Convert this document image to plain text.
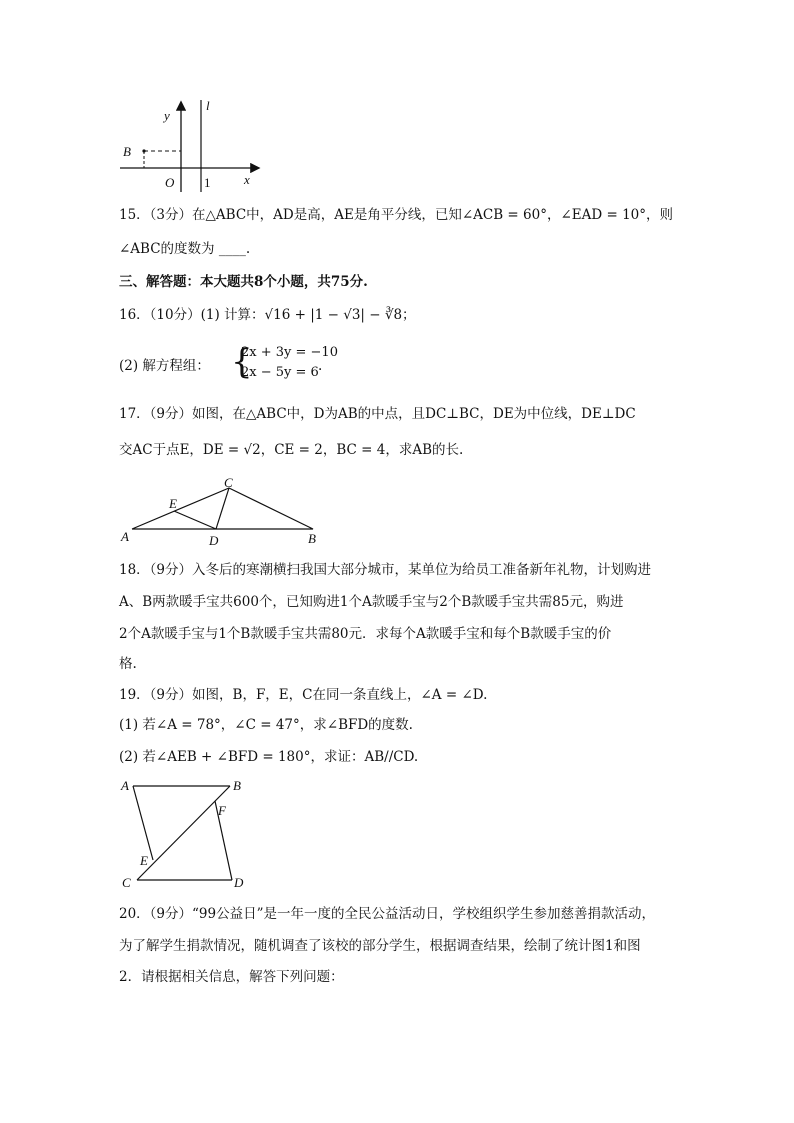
y
l
B
O 1	x
15．（3分）在△ABC中，AD是高，AE是角平分线，已知∠ACB = 60°，∠EAD = 10°，则
∠ABC的度数为 ____.
三、解答题：本大题共8个小题，共75分.
16．（10分）(1) 计算：√16 + |1 − √3| − ∛8；
(2) 解方程组： {
2x + 3y = −10
2x − 5y = 6 .
17．（9分）如图，在△ABC中，D为AB的中点，且DC⊥BC，DE为中位线，DE⊥DC
交AC于点E，DE = √2，CE = 2，BC = 4，求AB的长.
C
E
A	D	B
18．（9分）入冬后的寒潮横扫我国大部分城市，某单位为给员工准备新年礼物，计划购进
A、B两款暖手宝共600个，已知购进1个A款暖手宝与2个B款暖手宝共需85元，购进
2个A款暖手宝与1个B款暖手宝共需80元．求每个A款暖手宝和每个B款暖手宝的价
格.
19．（9分）如图，B，F，E，C在同一条直线上，∠A = ∠D.
(1) 若∠A = 78°，∠C = 47°，求∠BFD的度数.
(2) 若∠AEB + ∠BFD = 180°，求证：AB//CD.
A	B
F
E
C	D
20．（9分）“99公益日”是一年一度的全民公益活动日，学校组织学生参加慈善捐款活动，
为了解学生捐款情况，随机调查了该校的部分学生，根据调查结果，绘制了统计图1和图
2．请根据相关信息，解答下列问题：
